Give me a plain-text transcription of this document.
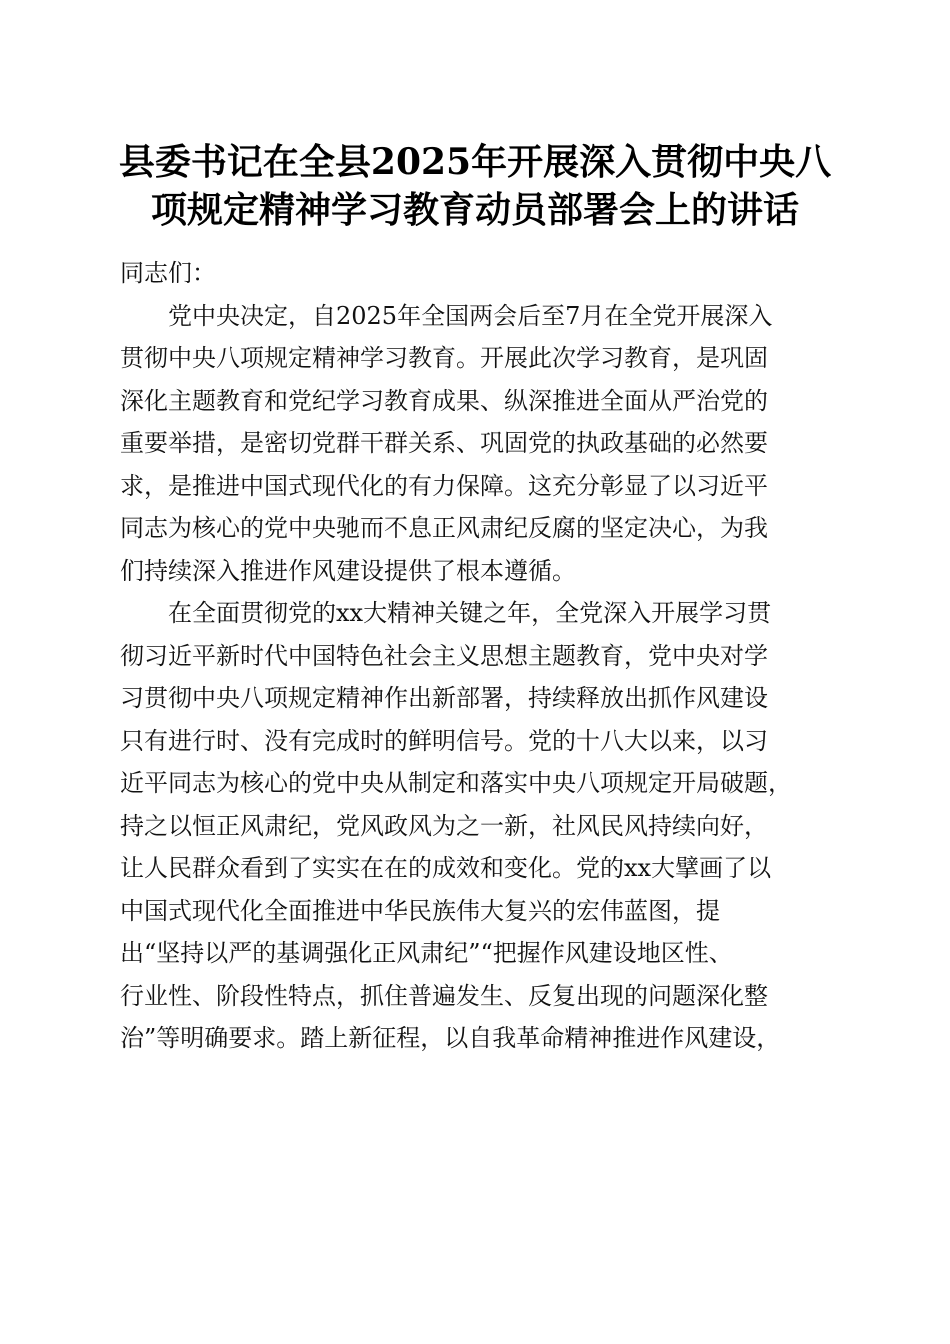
县委书记在全县2025年开展深入贯彻中央八
项规定精神学习教育动员部署会上的讲话
同志们：
党中央决定，自2025年全国两会后至7月在全党开展深入
贯彻中央八项规定精神学习教育。开展此次学习教育，是巩固
深化主题教育和党纪学习教育成果、纵深推进全面从严治党的
重要举措，是密切党群干群关系、巩固党的执政基础的必然要
求，是推进中国式现代化的有力保障。这充分彰显了以习近平
同志为核心的党中央驰而不息正风肃纪反腐的坚定决心，为我
们持续深入推进作风建设提供了根本遵循。
在全面贯彻党的xx大精神关键之年，全党深入开展学习贯
彻习近平新时代中国特色社会主义思想主题教育，党中央对学
习贯彻中央八项规定精神作出新部署，持续释放出抓作风建设
只有进行时、没有完成时的鲜明信号。党的十八大以来，以习
近平同志为核心的党中央从制定和落实中央八项规定开局破题，
持之以恒正风肃纪，党风政风为之一新，社风民风持续向好，
让人民群众看到了实实在在的成效和变化。党的xx大擘画了以
中国式现代化全面推进中华民族伟大复兴的宏伟蓝图，提
出“坚持以严的基调强化正风肃纪”“把握作风建设地区性、
行业性、阶段性特点，抓住普遍发生、反复出现的问题深化整
治”等明确要求。踏上新征程，以自我革命精神推进作风建设，
